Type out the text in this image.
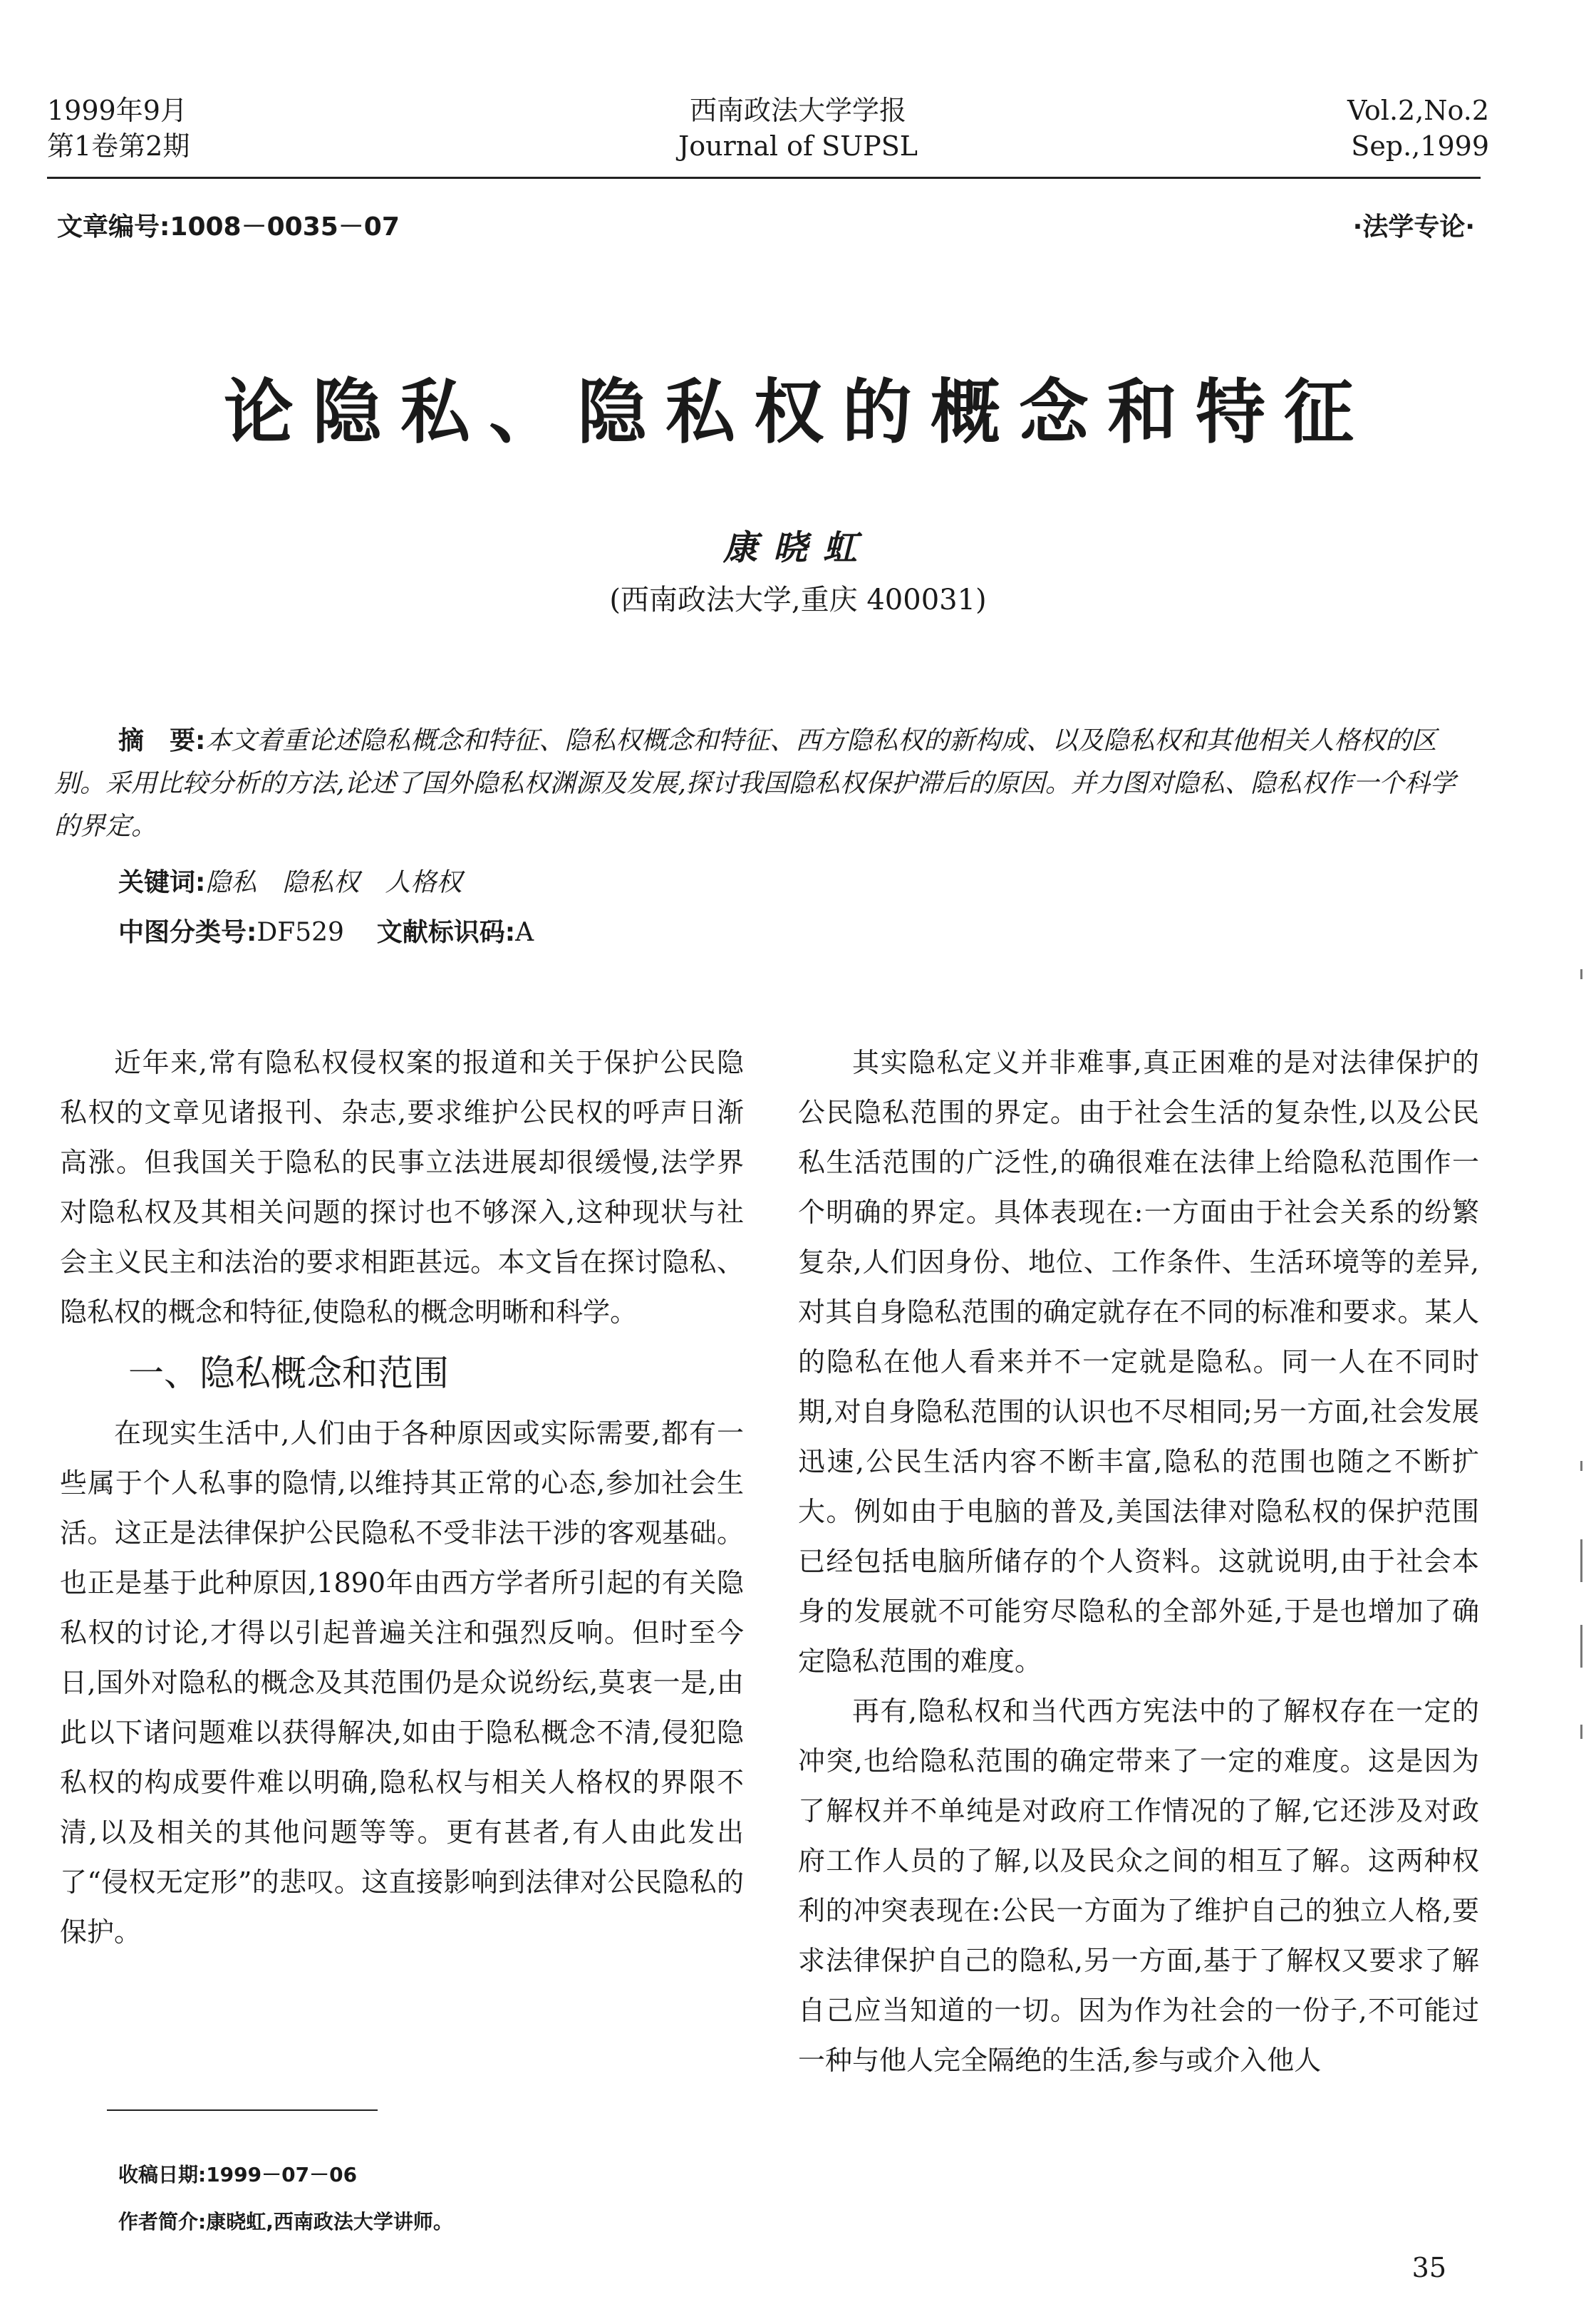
1999年9月
第1卷第2期
西南政法大学学报
Journal of SUPSL
Vol.2,No.2
Sep.,1999
文章编号:1008－0035－07	·法学专论·
论隐私、隐私权的概念和特征
康晓虹
(西南政法大学,重庆 400031)
摘　要:本文着重论述隐私概念和特征、隐私权概念和特征、西方隐私权的新构成、以及隐私权和其他相关人格权的区别。采用比较分析的方法,论述了国外隐私权渊源及发展,探讨我国隐私权保护滞后的原因。并力图对隐私、隐私权作一个科学的界定。
关键词:隐私　隐私权　人格权
中图分类号:DF529 文献标识码:A

近年来,常有隐私权侵权案的报道和关于保护公民隐私权的文章见诸报刊、杂志,要求维护公民权的呼声日渐高涨。但我国关于隐私的民事立法进展却很缓慢,法学界对隐私权及其相关问题的探讨也不够深入,这种现状与社会主义民主和法治的要求相距甚远。本文旨在探讨隐私、隐私权的概念和特征,使隐私的概念明晰和科学。

一、隐私概念和范围

在现实生活中,人们由于各种原因或实际需要,都有一些属于个人私事的隐情,以维持其正常的心态,参加社会生活。这正是法律保护公民隐私不受非法干涉的客观基础。也正是基于此种原因,1890年由西方学者所引起的有关隐私权的讨论,才得以引起普遍关注和强烈反响。但时至今日,国外对隐私的概念及其范围仍是众说纷纭,莫衷一是,由此以下诸问题难以获得解决,如由于隐私概念不清,侵犯隐私权的构成要件难以明确,隐私权与相关人格权的界限不清,以及相关的其他问题等等。更有甚者,有人由此发出了“侵权无定形”的悲叹。这直接影响到法律对公民隐私的保护。

其实隐私定义并非难事,真正困难的是对法律保护的公民隐私范围的界定。由于社会生活的复杂性,以及公民私生活范围的广泛性,的确很难在法律上给隐私范围作一个明确的界定。具体表现在:一方面由于社会关系的纷繁复杂,人们因身份、地位、工作条件、生活环境等的差异,对其自身隐私范围的确定就存在不同的标准和要求。某人的隐私在他人看来并不一定就是隐私。同一人在不同时期,对自身隐私范围的认识也不尽相同;另一方面,社会发展迅速,公民生活内容不断丰富,隐私的范围也随之不断扩大。例如由于电脑的普及,美国法律对隐私权的保护范围已经包括电脑所储存的个人资料。这就说明,由于社会本身的发展就不可能穷尽隐私的全部外延,于是也增加了确定隐私范围的难度。

再有,隐私权和当代西方宪法中的了解权存在一定的冲突,也给隐私范围的确定带来了一定的难度。这是因为了解权并不单纯是对政府工作情况的了解,它还涉及对政府工作人员的了解,以及民众之间的相互了解。这两种权利的冲突表现在:公民一方面为了维护自己的独立人格,要求法律保护自己的隐私,另一方面,基于了解权又要求了解自己应当知道的一切。因为作为社会的一份子,不可能过一种与他人完全隔绝的生活,参与或介入他人

收稿日期:1999－07－06
作者简介:康晓虹,西南政法大学讲师。
35
